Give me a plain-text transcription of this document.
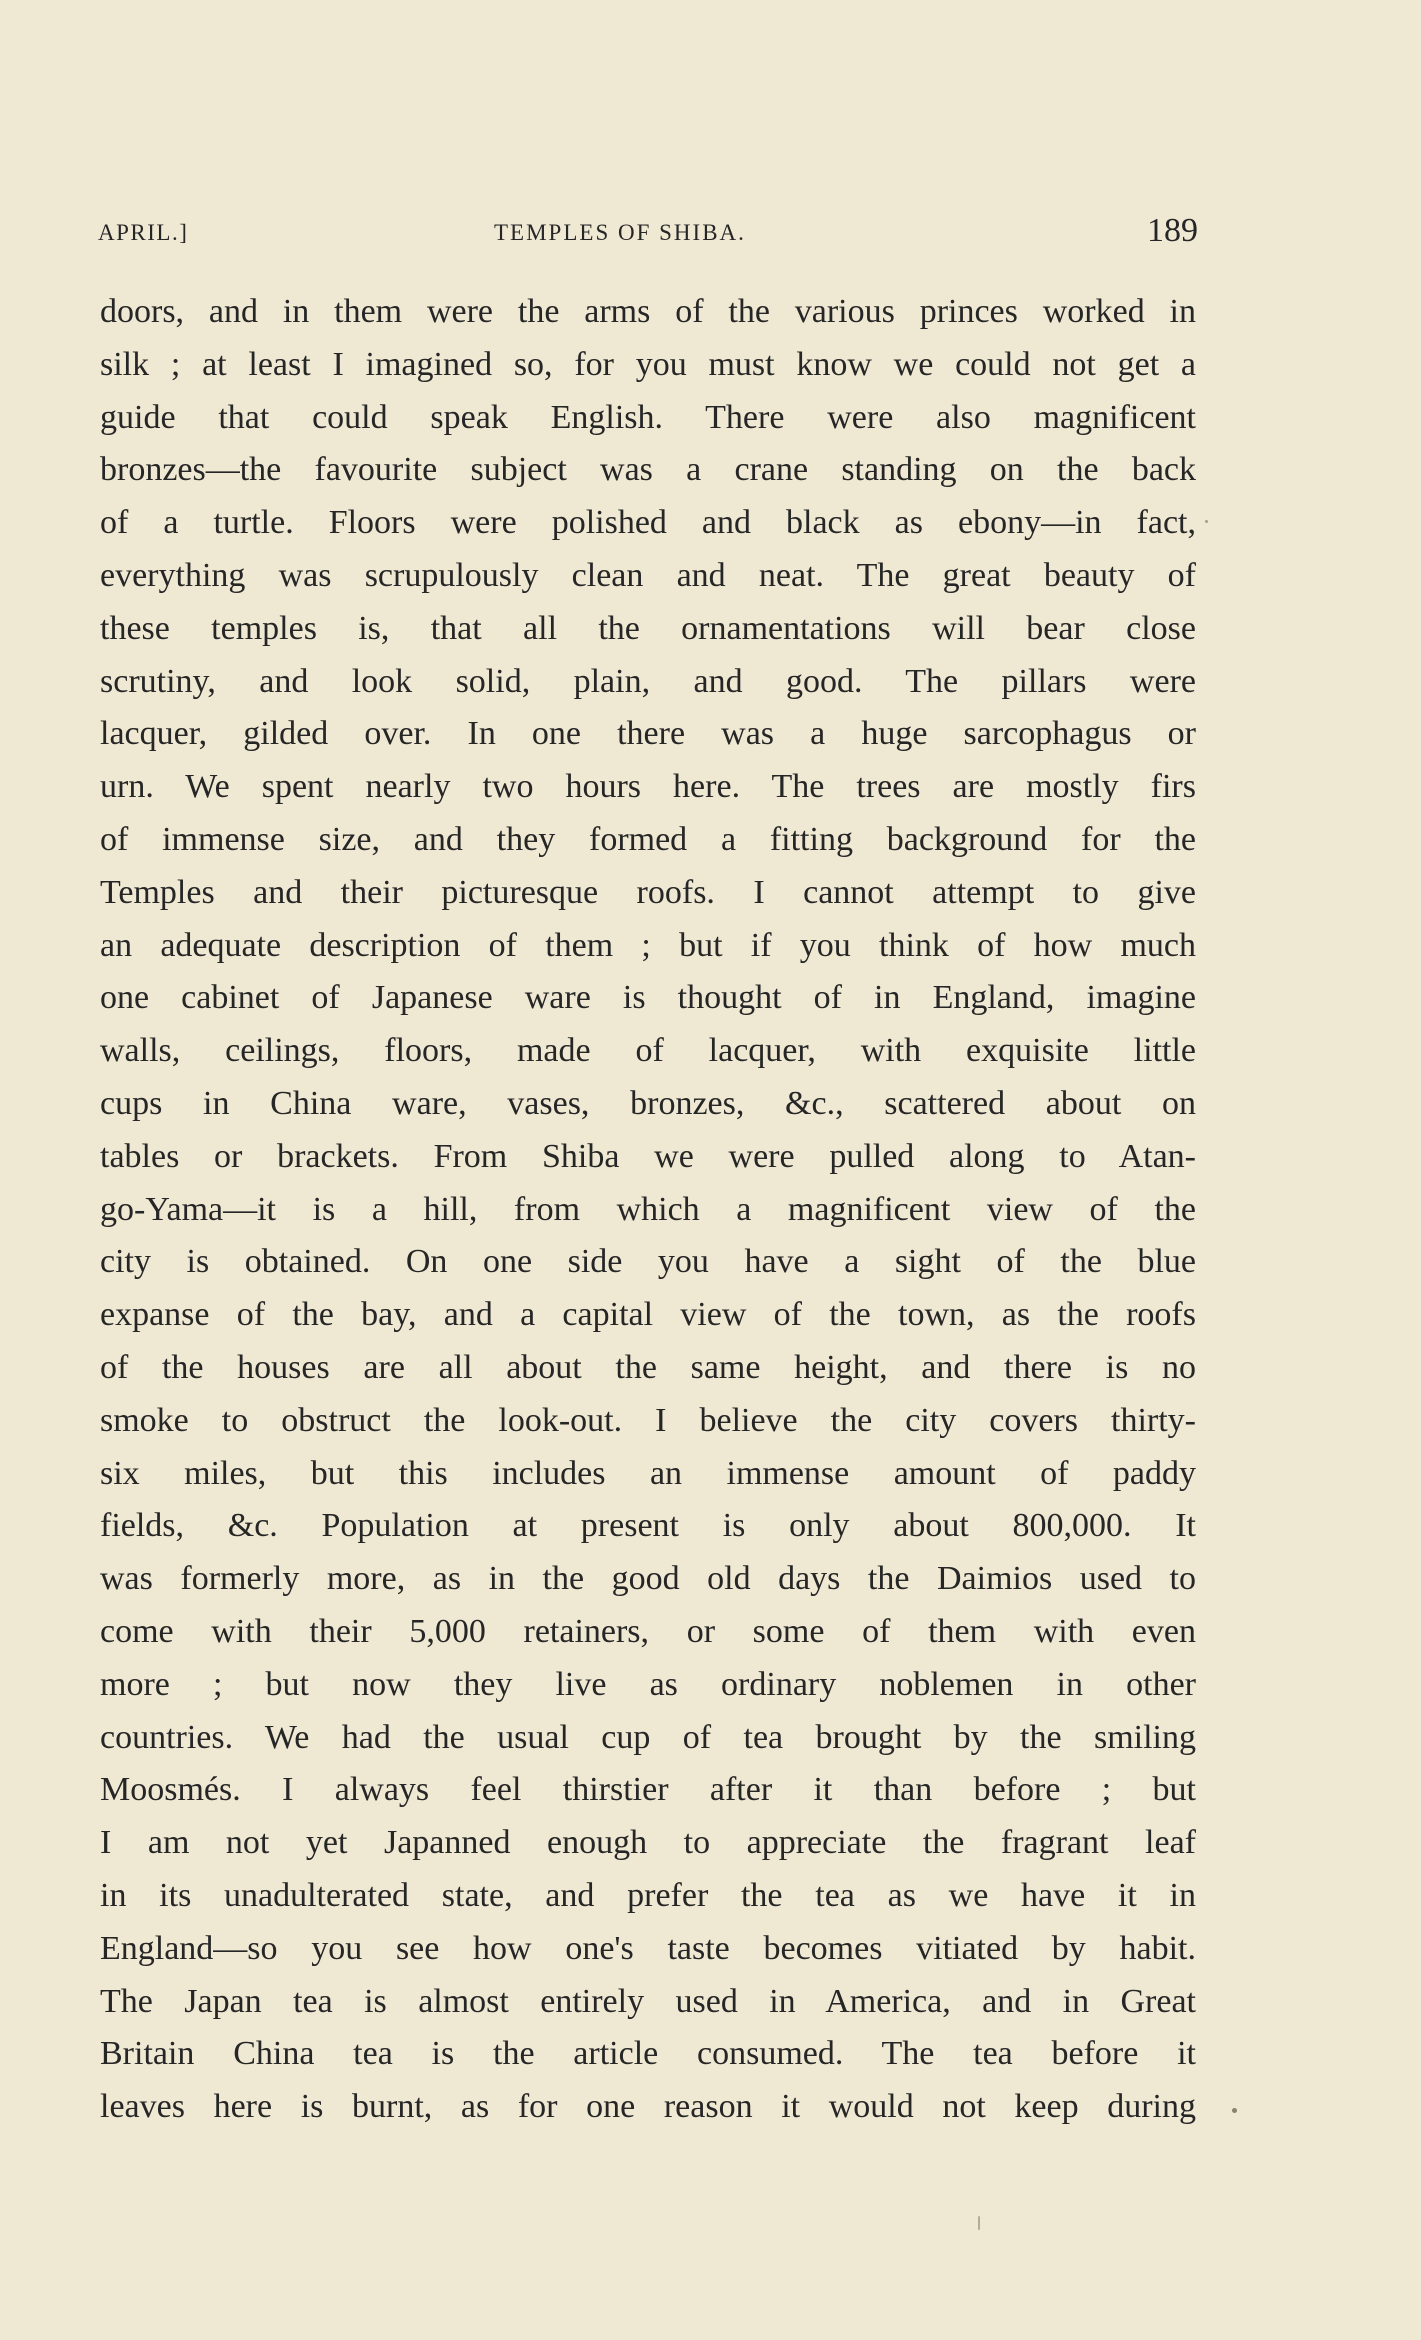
APRIL.]	TEMPLES OF SHIBA.	189
doors, and in them were the arms of the various princes worked in
silk ; at least I imagined so, for you must know we could not get a
guide that could speak English. There were also magnificent
bronzes—the favourite subject was a crane standing on the back
of a turtle. Floors were polished and black as ebony—in fact,
everything was scrupulously clean and neat. The great beauty of
these temples is, that all the ornamentations will bear close
scrutiny, and look solid, plain, and good. The pillars were
lacquer, gilded over. In one there was a huge sarcophagus or
urn. We spent nearly two hours here. The trees are mostly firs
of immense size, and they formed a fitting background for the
Temples and their picturesque roofs. I cannot attempt to give
an adequate description of them ; but if you think of how much
one cabinet of Japanese ware is thought of in England, imagine
walls, ceilings, floors, made of lacquer, with exquisite little
cups in China ware, vases, bronzes, &c., scattered about on
tables or brackets. From Shiba we were pulled along to Atan-
go-Yama—it is a hill, from which a magnificent view of the
city is obtained. On one side you have a sight of the blue
expanse of the bay, and a capital view of the town, as the roofs
of the houses are all about the same height, and there is no
smoke to obstruct the look-out. I believe the city covers thirty-
six miles, but this includes an immense amount of paddy
fields, &c. Population at present is only about 800,000. It
was formerly more, as in the good old days the Daimios used to
come with their 5,000 retainers, or some of them with even
more ; but now they live as ordinary noblemen in other
countries. We had the usual cup of tea brought by the smiling
Moosmés. I always feel thirstier after it than before ; but
I am not yet Japanned enough to appreciate the fragrant leaf
in its unadulterated state, and prefer the tea as we have it in
England—so you see how one's taste becomes vitiated by habit.
The Japan tea is almost entirely used in America, and in Great
Britain China tea is the article consumed. The tea before it
leaves here is burnt, as for one reason it would not keep during
